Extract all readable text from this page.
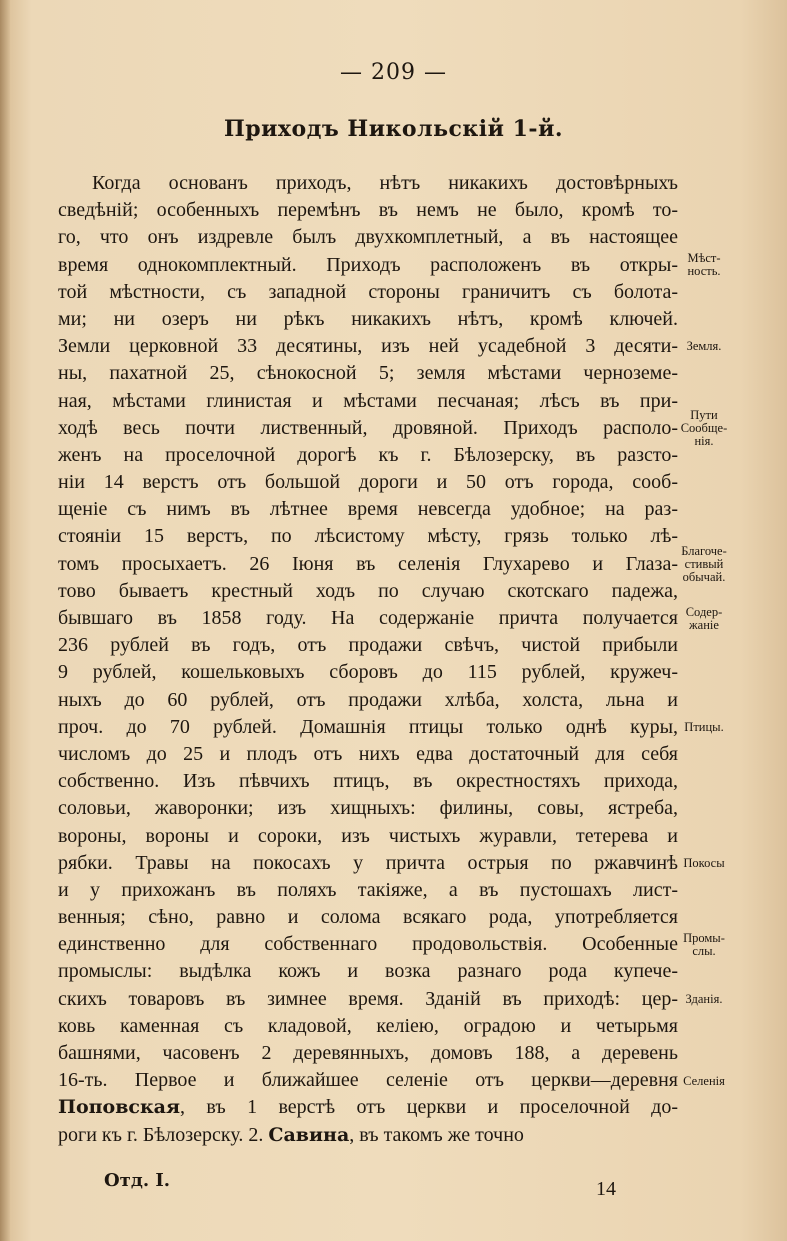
— 209 —
Приходъ Никольскій 1-й.
Когда основанъ приходъ, нѣтъ никакихъ достовѣрныхъ
сведѣній; особенныхъ перемѣнъ въ немъ не было, кромѣ то-
го, что онъ издревле былъ двухкомплетный, а въ настоящее
время однокомплектный. Приходъ расположенъ въ откры-
той мѣстности, съ западной стороны граничитъ съ болота-
ми; ни озеръ ни рѣкъ никакихъ нѣтъ, кромѣ ключей.
Земли церковной 33 десятины, изъ ней усадебной 3 десяти-
ны, пахатной 25, сѣнокосной 5; земля мѣстами черноземе-
ная, мѣстами глинистая и мѣстами песчаная; лѣсъ въ при-
ходѣ весь почти лиственный, дровяной. Приходъ располо-
женъ на проселочной дорогѣ къ г. Бѣлозерску, въ разсто-
ніи 14 верстъ отъ большой дороги и 50 отъ города, сооб-
щеніе съ нимъ въ лѣтнее время невсегда удобное; на раз-
стояніи 15 верстъ, по лѣсистому мѣсту, грязь только лѣ-
томъ просыхаетъ. 26 Іюня въ селенія Глухарево и Глаза-
тово бываетъ крестный ходъ по случаю скотскаго падежа,
бывшаго въ 1858 году. На содержаніе причта получается
236 рублей въ годъ, отъ продажи свѣчъ, чистой прибыли
9 рублей, кошельковыхъ сборовъ до 115 рублей, кружеч-
ныхъ до 60 рублей, отъ продажи хлѣба, холста, льна и
проч. до 70 рублей. Домашнія птицы только однѣ куры,
числомъ до 25 и плодъ отъ нихъ едва достаточный для себя
собственно. Изъ пѣвчихъ птицъ, въ окрестностяхъ прихода,
соловьи, жаворонки; изъ хищныхъ: филины, совы, ястреба,
вороны, вороны и сороки, изъ чистыхъ журавли, тетерева и
рябки. Травы на покосахъ у причта острыя по ржавчинѣ
и у прихожанъ въ поляхъ такіяже, а въ пустошахъ лист-
венныя; сѣно, равно и солома всякаго рода, употребляется
единственно для собственнаго продовольствія. Особенные
промыслы: выдѣлка кожъ и возка разнаго рода купече-
скихъ товаровъ въ зимнее время. Зданій въ приходѣ: цер-
ковь каменная съ кладовой, келіею, оградою и четырьмя
башнями, часовенъ 2 деревянныхъ, домовъ 188, а деревень
16-ть. Первое и ближайшее селеніе отъ церкви—деревня
Поповская, въ 1 верстѣ отъ церкви и проселочной до-
роги къ г. Бѣлозерску. 2. Савина, въ такомъ же точно
Мѣст-
ность.
Земля.
Пути
Сообще-
нія.
Благоче-
стивый
обычай.
Содер-
жаніе
Птицы.
Покосы
Промы-
слы.
Зданія.
Селенія
Отд. I.	14
